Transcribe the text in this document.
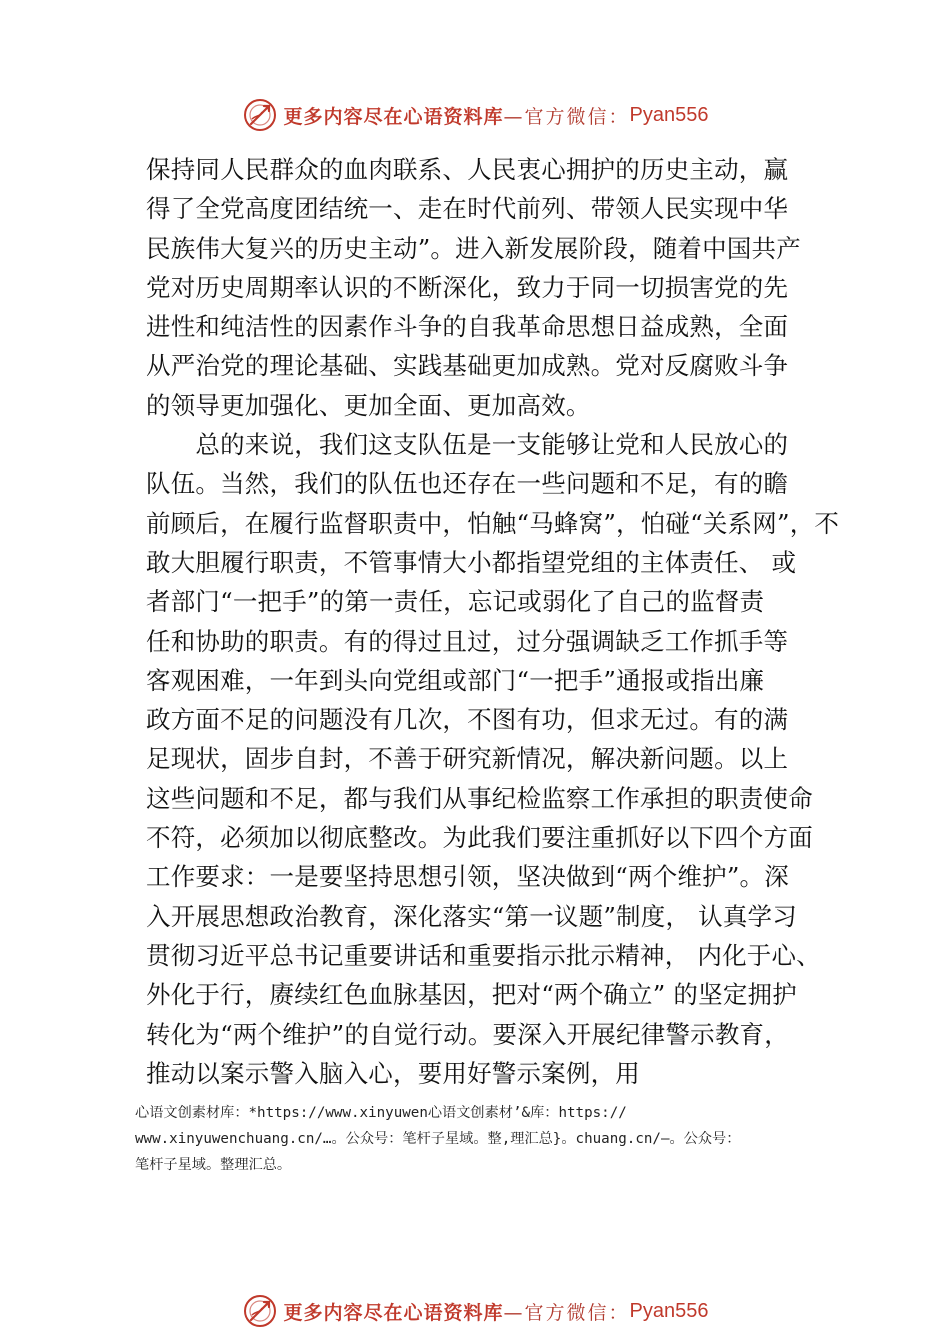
更多内容尽在心语资料库 —官方微信： Pyan556
保持同人民群众的血肉联系、人民衷心拥护的历史主动，赢
得了全党高度团结统一、走在时代前列、带领人民实现中华
民族伟大复兴的历史主动”。进入新发展阶段，随着中国共产
党对历史周期率认识的不断深化，致力于同一切损害党的先
进性和纯洁性的因素作斗争的自我革命思想日益成熟，全面
从严治党的理论基础、实践基础更加成熟。党对反腐败斗争
的领导更加强化、更加全面、更加高效。
　　总的来说，我们这支队伍是一支能够让党和人民放心的
队伍。当然，我们的队伍也还存在一些问题和不足，有的瞻
前顾后，在履行监督职责中，怕触“马蜂窝”，怕碰“关系网”，不
敢大胆履行职责，不管事情大小都指望党组的主体责任、 或
者部门“一把手”的第一责任，忘记或弱化了自己的监督责
任和协助的职责。有的得过且过，过分强调缺乏工作抓手等
客观困难，一年到头向党组或部门“一把手”通报或指出廉
政方面不足的问题没有几次，不图有功，但求无过。有的满
足现状，固步自封，不善于研究新情况，解决新问题。以上
这些问题和不足，都与我们从事纪检监察工作承担的职责使命
不符，必须加以彻底整改。为此我们要注重抓好以下四个方面
工作要求：一是要坚持思想引领，坚决做到“两个维护”。深
入开展思想政治教育，深化落实“第一议题”制度， 认真学习
贯彻习近平总书记重要讲话和重要指示批示精神， 内化于心、
外化于行，赓续红色血脉基因，把对“两个确立” 的坚定拥护
转化为“两个维护”的自觉行动。要深入开展纪律警示教育，
推动以案示警入脑入心，要用好警示案例，用
心语文创素材库：*https://www.xinyuwen心语文创素材’&库：https://
www.xinyuwenchuang.cn/…。公众号：笔杆子星域。整,理汇总}。chuang.cn/—。公众号：
笔杆子星域。整理汇总。
更多内容尽在心语资料库 —官方微信： Pyan556
